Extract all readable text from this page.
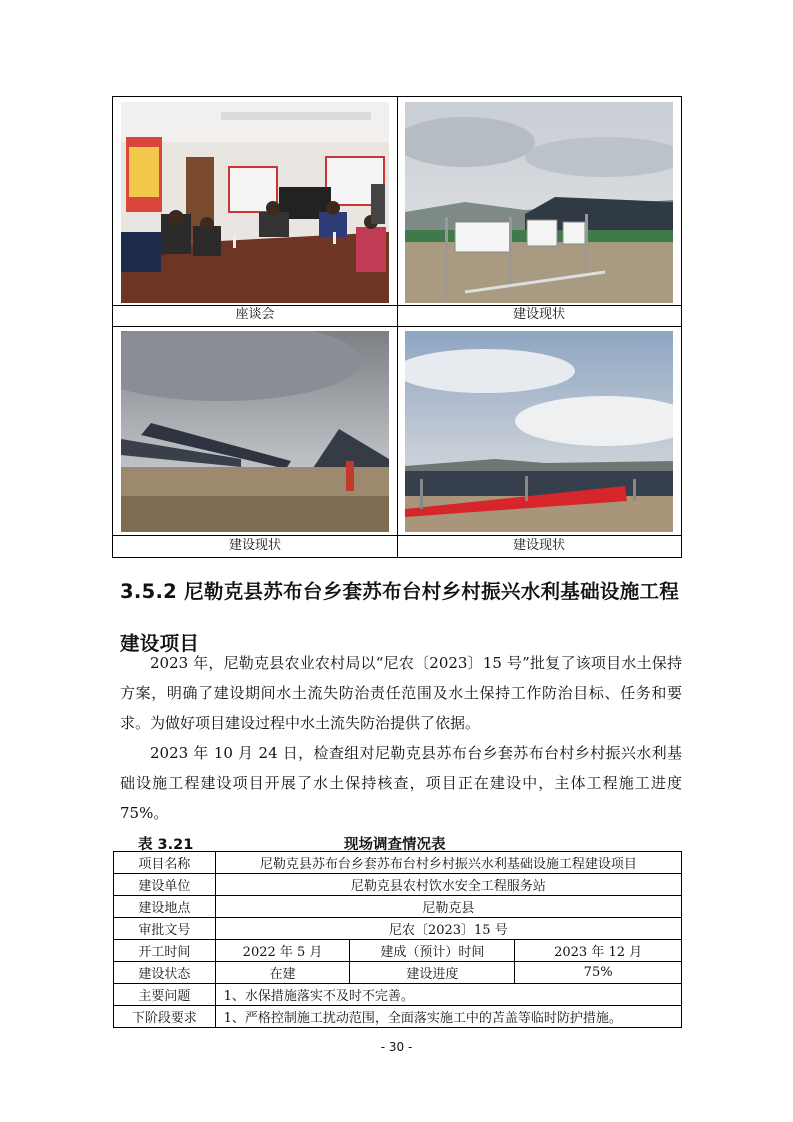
座谈会	建设现状
建设现状	建设现状
3.5.2 尼勒克县苏布台乡套苏布台村乡村振兴水利基础设施工程建设项目
2023 年，尼勒克县农业农村局以“尼农〔2023〕15 号”批复了该项目水土保持方案，明确了建设期间水土流失防治责任范围及水土保持工作防治目标、任务和要求。为做好项目建设过程中水土流失防治提供了依据。
2023 年 10 月 24 日，检查组对尼勒克县苏布台乡套苏布台村乡村振兴水利基础设施工程建设项目开展了水土保持核查，项目正在建设中，主体工程施工进度 75%。
表 3.21	现场调查情况表
项目名称	尼勒克县苏布台乡套苏布台村乡村振兴水利基础设施工程建设项目		
建设单位	尼勒克县农村饮水安全工程服务站		
建设地点	尼勒克县		
审批文号	尼农〔2023〕15 号		
开工时间	2022 年 5 月	建成（预计）时间	2023 年 12 月
建设状态	在建	建设进度	75%
主要问题	1、水保措施落实不及时不完善。		
下阶段要求	1、严格控制施工扰动范围，全面落实施工中的苫盖等临时防护措施。		
- 30 -
